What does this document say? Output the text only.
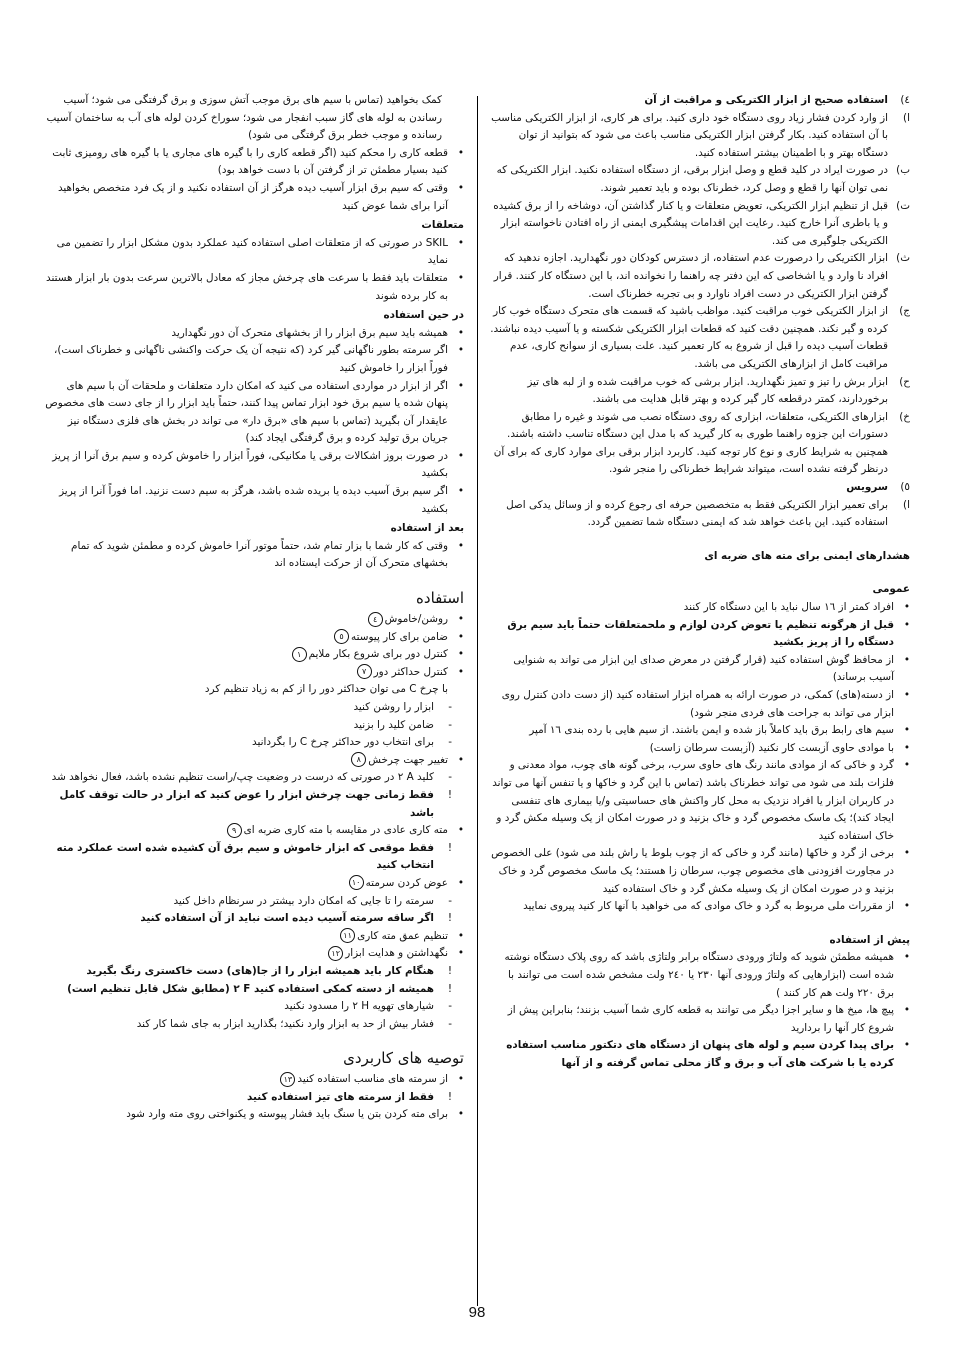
٤)
استفاده صحیح از ابزار الکتریکی و مراقبت از آن
ا)
از وارد کردن فشار زیاد روی دستگاه خود داری کنید. برای هر کاری، از ابزار الکتریکی مناسب با آن استفاده کنید. بکار گرفتن ابزار الکتریکی مناسب باعث می شود که بتوانید از توان دستگاه بهتر و با اطمینان بیشتر استفاده کنید.
ب)
در صورت ایراد در کلید قطع و وصل ابزار برقی، از دستگاه استفاده نکنید. ابزار الکتریکی که نمی توان آنها را قطع و وصل کرد، خطرناک بوده و باید تعمیر شوند.
ت)
قبل از تنظیم ابزار الکتریکی، تعویض متعلقات و یا کنار گذاشتن آن، دوشاخه را از برق کشیده و یا باطری آنرا خارج کنید. رعایت این اقدامات پیشگیری ایمنی از راه افتادن ناخواسته ابزار الکتریکی جلوگیری می کند.
ث)
ابزار الکتریکی را درصورت عدم استفاده، از دسترس کودکان دور نگهدارید. اجازه ندهید که افراد نا وارد و یا اشخاصی که این دفتر چه راهنما را نخوانده اند، با این دستگاه کار کنند. قرار گرفتن ابزار الکتریکی در دست افراد ناوارد و بی تجربه خطرناک است.
ج)
از ابزار الکتریکی خوب مراقبت کنید. مواظب باشید که قسمت های متحرک دستگاه خوب کار کرده و گیر نکند. همچنین دقت کنید که قطعات ابزار الکتریکی شکسته و یا آسیب دیده نباشند. قطعات آسیب دیده را قبل از شروع به کار تعمیر کنید. علت بسیاری از سوانح کاری، عدم مراقبت کامل از ابزارهای الکتریکی می باشد.
ح)
ابزار برش را تیز و تمیز نگهدارید. ابزار برشی که خوب مراقبت شده و از لبه های تیز برخوردارند، کمتر درقطعه کار گیر کرده و بهتر قابل هدایت می باشند.
خ)
ابزارهای الکتریکی، متعلقات، ابزاری که روی دستگاه نصب می شوند و غیره را مطابق دستورات این جزوه راهنما طوری به کار گیرید که با مدل این دستگاه تناسب داشته باشند. همچنین به شرایط کاری و نوع کار توجه کنید. کاربرد ابزار برقی برای موارد کاری که برای آن درنظر گرفته نشده است، میتواند شرایط خطرناکی را منجر شود.
٥)
سرویس
ا)
برای تعمیر ابزار الکتریکی فقط به متخصصین حرفه ای رجوع کرده و از وسائل یدکی اصل استفاده کنید. این باعث خواهد شد که ایمنی دستگاه شما تضمین گردد.

هشدارهای ایمنی برای مته های ضربه ای

عمومی

•
افراد کمتر از ١٦ سال نباید با این دستگاه کار کنند
•
قبل از هرگونه تنظیم یا تعوض کردن لوازم و ملحمتعلقات حتماً باید سیم برق دستگاه را از پریز بکشید
•
از محافظ گوش استفاده کنید (قرار گرفتن در معرض صدای این ابزار می تواند به شنوایی آسیب برساند)
•
از دسته(های) کمکی، در صورت ارائه به همراه ابزار استفاده کنید (از دست دادن کنترل روی ابزار می تواند به جراحت های فردی منجر شود)
•
سیم های رابط برق باید کاملاً باز شده و ایمن باشند. از سیم هایی با رده بندی ١٦ آمپر
•
با موادی حاوی آزبست کار نکنید (آزبست سرطان زاست)
•
گرد و خاکی که از موادی مانند رنگ های حاوی سرب، برخی گونه های چوب، مواد معدنی و فلزات بلند می شود می تواند خطرناک باشد (تماس با این گرد و خاکها و یا تنفس آنها می تواند در کاربران ابزار یا افراد نزدیک به محل کار واکنش های حساسیتی و/یا بیماری های تنفسی ایجاد کند)؛ یک ماسک مخصوص گرد و خاک بزنید و در صورت امکان از یک وسیله مکش گرد و خاک استفاده کنید
•
برخی از گرد و خاکها (مانند گرد و خاکی که از چوب بلوط یا راش بلند می شود) علی الخصوص در مجاورت افزودنی های مخصوص چوب، سرطان زا هستند؛ یک ماسک مخصوص گرد و خاک بزنید و در صورت امکان از یک وسیله مکش گرد و خاک استفاده کنید
•
از مقررات ملی مربوط به گرد و خاک موادی که می خواهید با آنها کار کنید پیروی نمایید

پیش از استفاده

•
همیشه مطمئن شوید که ولتاژ ورودی دستگاه برابر ولتاژی باشد که روی پلاک دستگاه نوشته شده است (ابزارهایی که ولتاژ ورودی آنها ٢٣٠ یا ٢٤٠ ولت مشخص شده است می توانند با برق ٢٢٠ ولت هم کار کنند )
•
پیچ ها، میخ ها و سایر اجزا دیگر می توانند به قطعه کاری شما آسیب بزنند؛ بنابراین پیش از شروع کار آنها را بردارید
•
برای پیدا کردن سیم و لوله های پنهان از دستگاه های دتکتور مناسب استفاده کرده یا با شرکت های آب و برق و گاز محلی تماس گرفته و از آنها
کمک بخواهید (تماس با سیم های برق موجب آتش سوزی و برق گرفتگی می شود؛ آسیب رساندن به لوله های گاز سبب انفجار می شود؛ سوراخ کردن لوله های آب به ساختمان آسیب رسانده و موجب خطر برق گرفتگی می شود)
•
قطعه کاری را محکم کنید (اگر قطعه کاری را با گیره های مجاری یا با گیره های رومیزی ثابت کنید بسیار مطمئن تر از گرفتن آن با دست خواهد بود)
•
وقتی که سیم برق ابزار آسیب دیده هرگز از آن استفاده نکنید و از یک فرد متخصص بخواهید آنرا برای شما عوض کنید

متعلقات

•
SKIL در صورتی که از متعلقات اصلی استفاده کنید عملکرد بدون مشکل ابزار را تضمین می نماید
•
متعلقات باید فقط با سرعت های چرخش مجاز که معادل بالاترین سرعت بدون بار ابزار هستند به کار برده شوند

در حین استفاده

•
همیشه باید سیم برق ابزار را از بخشهای متحرک آن دور نگهدارید
•
اگر سرمته بطور ناگهانی گیر کرد (که نتیجه آن یک حرکت واکنشی ناگهانی و خطرناک است)، فوراً ابزار را خاموش کنید
•
اگر از ابزار در مواردی استفاده می کنید که امکان دارد متعلقات و ملحقات آن با سیم های پنهان شده یا سیم برق خود ابزار تماس پیدا کنند، حتماً باید ابزار را از جای دست های مخصوص عایقدار آن بگیرید (تماس با سیم های «برق دار» می تواند در بخش های فلزی دستگاه نیز جریان برق تولید کرده و برق گرفتگی ایجاد کند)
•
در صورت بروز اشکالات برقی یا مکانیکی، فوراً ابزار را خاموش کرده و سیم برق آنرا از پریز بکشید
•
اگر سیم برق آسیب دیده یا بریده شده باشد، هرگز به سیم دست نزنید. اما فوراً آنرا از پریز بکشید

بعد از استفاده

•
وقتی که کار شما با بزار تمام شد، حتماً موتور آنرا خاموش کرده و مطمئن شوید که تمام بخشهای متحرک آن از حرکت ایستاده اند

استفاده

•
روشن/خاموش٤
•
ضامن برای کار پیوسته٥
•
کنترل دور برای شروع بکار ملایم١
•
کنترل حداکثر دور٧

با چرخ C می توان حداکثر دور را از کم به زیاد تنظیم کرد

-
ابزار را روشن کنید
-
ضامن کلید را بزنید
-
برای انتخاب دور حداکثر چرخ C را بگردانید
•
تغییر جهت چرخش٨
-
کلید A ٢ در صورتی که درست در وضعیت چپ/راست تنظیم نشده باشد، فعال نخواهد شد
!
فقط زمانی جهت چرخش ابزار را عوض کنید که ابزار در حالت توقف کامل باشد
•
مته کاری عادی در مقایسه با مته کاری ضربه ای٩
!
فقط موقعی که ابزار خاموش و سیم برق آن کشیده شده است عملکرد مته انتخاب کنید
•
عوض کردن سرمته١٠
-
سرمته را تا جایی که امکان دارد بیشتر در سرنظام داخل کنید
!
اگر ساقه سرمته آسیب دیده است نباید از آن استفاده کنید
•
تنظیم عمق مته کاری١١
•
نگهداشتن و هدایت ابزار١٢
!
هنگام کار باید همیشه ابزار را از جا(های) دست خاکستری رنگ بگیرید
!
همیشه از دسته کمکی استفاده کنید F ٢ (مطابق شکل قابل تنظیم است)
-
شیارهای تهویه H ٢ را مسدود نکنید
-
فشار بیش از حد به ابزار وارد نکنید؛ بگذارید ابزار به جای شما کار کند

توصیه های کاربردی

•
از سرمته های مناسب استفاده کنید١٣
!
فقط از سرمته های تیز استفاده کنید
•
برای مته کردن بتن یا سنگ باید فشار پیوسته و یکنواختی روی مته وارد شود
98
